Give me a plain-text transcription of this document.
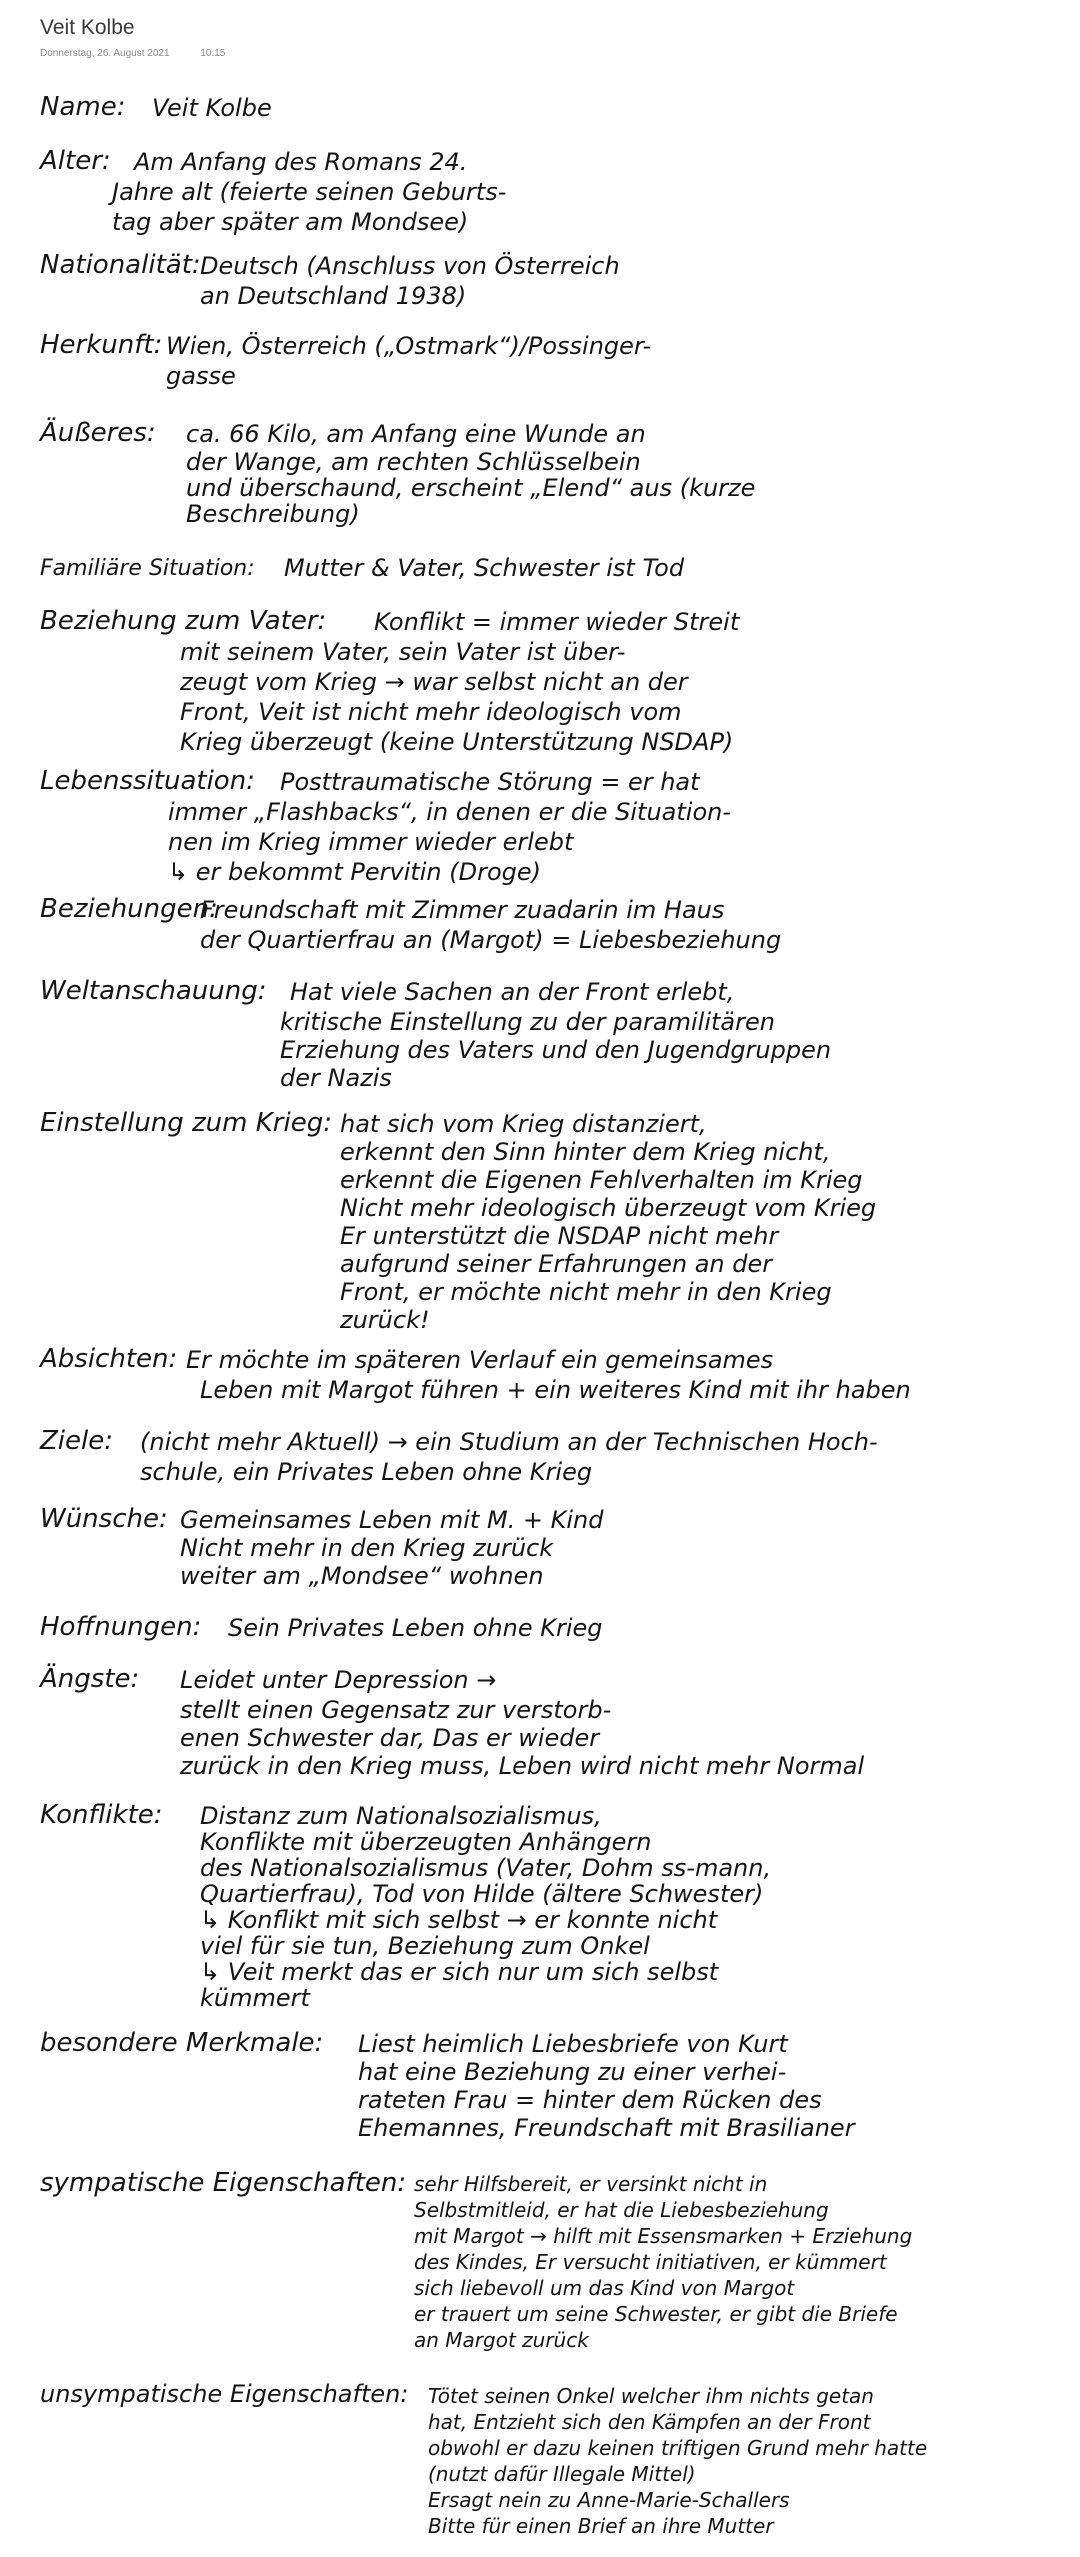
Veit Kolbe
Donnerstag, 26. August 2021	10:15
Name: Veit Kolbe
Alter: Am Anfang des Romans 24.
Jahre alt (feierte seinen Geburts-
tag aber später am Mondsee)
Nationalität: Deutsch (Anschluss von Österreich
an Deutschland 1938)
Herkunft: Wien, Österreich („Ostmark“)/Possinger-
gasse
Äußeres: ca. 66 Kilo, am Anfang eine Wunde an
der Wange, am rechten Schlüsselbein
und überschaund, erscheint „Elend“ aus (kurze
Beschreibung)
Familiäre Situation: Mutter & Vater, Schwester ist Tod
Beziehung zum Vater: Konflikt = immer wieder Streit
mit seinem Vater, sein Vater ist über-
zeugt vom Krieg → war selbst nicht an der
Front, Veit ist nicht mehr ideologisch vom
Krieg überzeugt (keine Unterstützung NSDAP)
Lebenssituation: Posttraumatische Störung = er hat
immer „Flashbacks“, in denen er die Situation-
nen im Krieg immer wieder erlebt
↳ er bekommt Pervitin (Droge)
Beziehungen:
Freundschaft mit Zimmer zuadarin im Haus
der Quartierfrau an (Margot) = Liebesbeziehung
Weltanschauung: Hat viele Sachen an der Front erlebt,
kritische Einstellung zu der paramilitären
Erziehung des Vaters und den Jugendgruppen
der Nazis
Einstellung zum Krieg: hat sich vom Krieg distanziert,
erkennt den Sinn hinter dem Krieg nicht,
erkennt die Eigenen Fehlverhalten im Krieg
Nicht mehr ideologisch überzeugt vom Krieg
Er unterstützt die NSDAP nicht mehr
aufgrund seiner Erfahrungen an der
Front, er möchte nicht mehr in den Krieg
zurück!
Absichten: Er möchte im späteren Verlauf ein gemeinsames
Leben mit Margot führen + ein weiteres Kind mit ihr haben
Ziele: (nicht mehr Aktuell) → ein Studium an der Technischen Hoch-
schule, ein Privates Leben ohne Krieg
Wünsche: Gemeinsames Leben mit M. + Kind
Nicht mehr in den Krieg zurück
weiter am „Mondsee“ wohnen
Hoffnungen: Sein Privates Leben ohne Krieg
Ängste: Leidet unter Depression →
stellt einen Gegensatz zur verstorb-
enen Schwester dar, Das er wieder
zurück in den Krieg muss, Leben wird nicht mehr Normal
Konflikte: Distanz zum Nationalsozialismus,
Konflikte mit überzeugten Anhängern
des Nationalsozialismus (Vater, Dohm ss-mann,
Quartierfrau), Tod von Hilde (ältere Schwester)
↳ Konflikt mit sich selbst → er konnte nicht
viel für sie tun, Beziehung zum Onkel
↳ Veit merkt das er sich nur um sich selbst
kümmert
besondere Merkmale: Liest heimlich Liebesbriefe von Kurt
hat eine Beziehung zu einer verhei-
rateten Frau = hinter dem Rücken des
Ehemannes, Freundschaft mit Brasilianer
sympatische Eigenschaften: sehr Hilfsbereit, er versinkt nicht in
Selbstmitleid, er hat die Liebesbeziehung
mit Margot → hilft mit Essensmarken + Erziehung
des Kindes, Er versucht initiativen, er kümmert
sich liebevoll um das Kind von Margot
er trauert um seine Schwester, er gibt die Briefe
an Margot zurück
unsympatische Eigenschaften: Tötet seinen Onkel welcher ihm nichts getan
hat, Entzieht sich den Kämpfen an der Front
obwohl er dazu keinen triftigen Grund mehr hatte
(nutzt dafür Illegale Mittel)
Ersagt nein zu Anne-Marie-Schallers
Bitte für einen Brief an ihre Mutter
